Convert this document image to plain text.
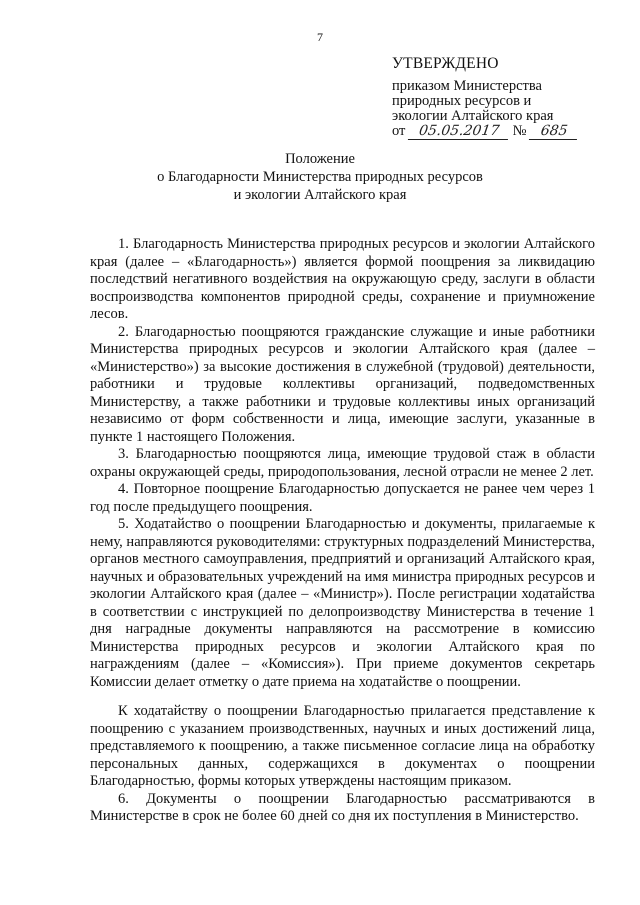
7
УТВЕРЖДЕНО
приказом Министерства
природных ресурсов и
экологии Алтайского края
от 05.05.2017 № 685
Положение
о Благодарности Министерства природных ресурсов
и экологии Алтайского края

1. Благодарность Министерства природных ресурсов и экологии Алтайского края (далее – «Благодарность») является формой поощрения за ликвидацию последствий негативного воздействия на окружающую среду, заслуги в области воспроизводства компонентов природной среды, сохранение и приумножение лесов.

2. Благодарностью поощряются гражданские служащие и иные работники Министерства природных ресурсов и экологии Алтайского края (далее – «Министерство») за высокие достижения в служебной (трудовой) деятельности, работники и трудовые коллективы организаций, подведомственных Министерству, а также работники и трудовые коллективы иных организаций независимо от форм собственности и лица, имеющие заслуги, указанные в пункте 1 настоящего Положения.

3. Благодарностью поощряются лица, имеющие трудовой стаж в области охраны окружающей среды, природопользования, лесной отрасли не менее 2 лет.

4. Повторное поощрение Благодарностью допускается не ранее чем через 1 год после предыдущего поощрения.

5. Ходатайство о поощрении Благодарностью и документы, прилагаемые к нему, направляются руководителями: структурных подразделений Министерства, органов местного самоуправления, предприятий и организаций Алтайского края, научных и образовательных учреждений на имя министра природных ресурсов и экологии Алтайского края (далее – «Министр»). После регистрации ходатайства в соответствии с инструкцией по делопроизводству Министерства в течение 1 дня наградные документы направляются на рассмотрение в комиссию Министерства природных ресурсов и экологии Алтайского края по награждениям (далее – «Комиссия»). При приеме документов секретарь Комиссии делает отметку о дате приема на ходатайстве о поощрении.

К ходатайству о поощрении Благодарностью прилагается представление к поощрению с указанием производственных, научных и иных достижений лица, представляемого к поощрению, а также письменное согласие лица на обработку персональных данных, содержащихся в документах о поощрении Благодарностью, формы которых утверждены настоящим приказом.

6. Документы о поощрении Благодарностью рассматриваются в Министерстве в срок не более 60 дней со дня их поступления в Министерство.
